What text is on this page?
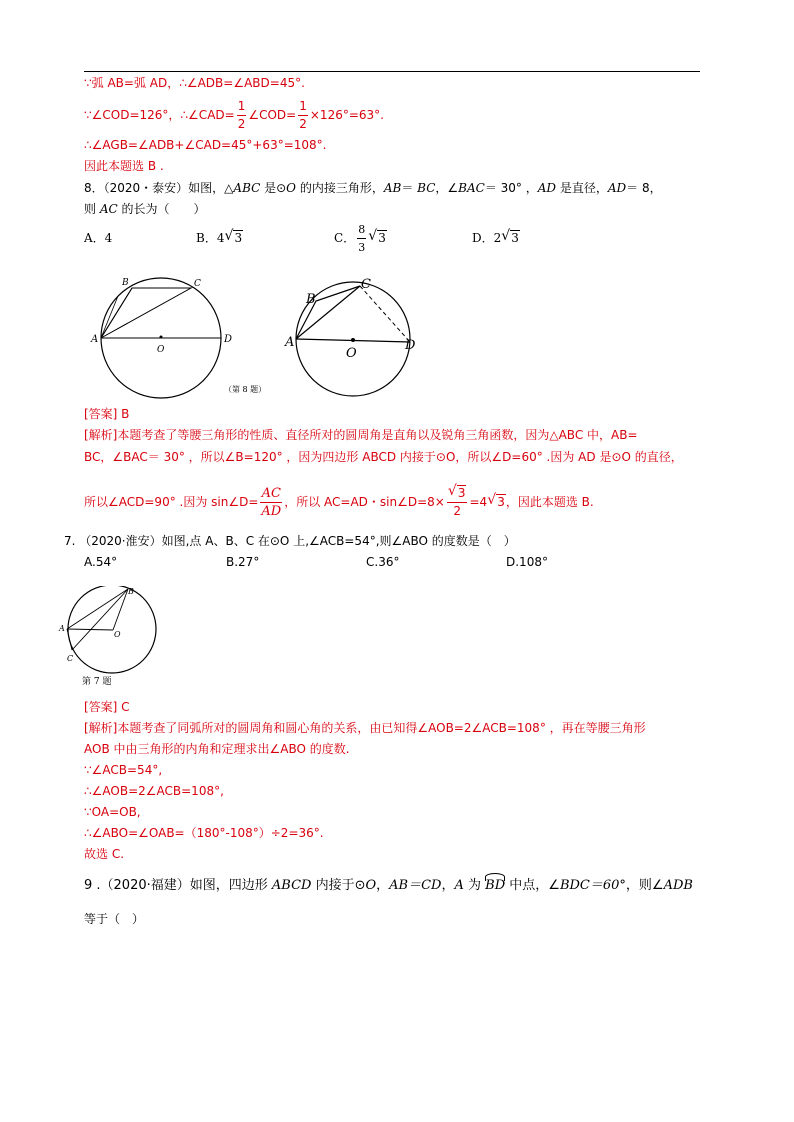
∵弧 AB=弧 AD，∴∠ADB=∠ABD=45°.
∵∠COD=126°，∴∠CAD= $\frac{1}{2}$ ∠COD= $\frac{1}{2} \times 126^\circ=63^\circ$.
∴∠AGB=∠ADB+∠CAD=45°+63°=108°.
因此本题选 B .
8．（2020・泰安）如图，△ABC 是⊙O 的内接三角形，AB＝ BC，∠BAC＝ 30° ，AD 是直径，AD＝ 8，
则 AC 的长为（　　）
A．4	B．4 √ 3	C． $\frac{8}{3}$ √ 3	D．2 √ 3
A
B	C
D
O
（第 8 题）
A
B
C
D
O
[答案] B
[解析]本题考查了等腰三角形的性质、直径所对的圆周角是直角以及锐角三角函数，因为△ABC 中，AB=
BC，∠BAC＝ 30° ，所以∠B=120° ，因为四边形 ABCD 内接于⊙O，所以∠D=60° .因为 AD 是⊙O 的直径，
所以∠ACD=90° .因为 sin∠D= $\frac{AC}{AD}$ ，所以 AC=AD・sin∠D=8× $\frac{√ 3}{2} =4$ √ 3 ，因此本题选 B.
7. （2020·淮安）如图,点 A、B、C 在⊙O 上,∠ACB=54°,则∠ABO 的度数是（　）
A.54°	B.27°	C.36°	D.108°
A
B
C
O
第 7 题
[答案] C
[解析]本题考查了同弧所对的圆周角和圆心角的关系，由已知得∠AOB=2∠ACB=108° ，再在等腰三角形
AOB 中由三角形的内角和定理求出∠ABO 的度数.
∵∠ACB=54°,
∴∠AOB=2∠ACB=108°,
∵OA=OB,
∴∠ABO=∠OAB=（180°-108°）÷2=36°.
故选 C.
9 .（2020·福建）如图，四边形 ABCD 内接于⊙O，AB＝CD，A 为 BD 中点，∠BDC＝60°，则∠ADB
等于（　）
